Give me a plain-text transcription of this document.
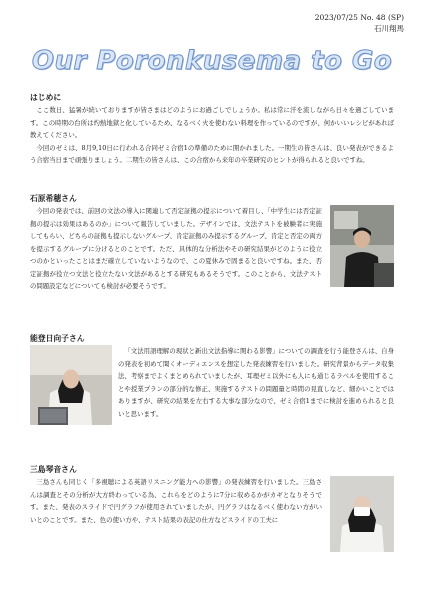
2023/07/25 No. 48 (SP)
石川翔馬
Our Poronkusema to Go
はじめに
ここ数日、猛暑が続いておりますが皆さまはどのようにお過ごしでしょうか。私は常に汗を流しながら日々を過ごしています。この時期の台所は灼熱地獄と化しているため、なるべく火を使わない料理を作っているのですが、何かいいレシピがあれば教えてください。
今回のゼミは、8月9,10日に行われる合同ゼミ合宿1の準備のために開かれました。一期生の皆さんは、良い発表ができるよう合宿当日まで頑張りましょう。二期生の皆さんは、この合宿から来年の卒業研究のヒントが得られると良いですね。
石原希穂さん
今回の発表では、前回の文法の導入に関連して否定証拠の提示について着目し、「中学生には否定証拠の提示は効果はあるのか」について報告していました。デザインでは、文法テストを被験者に実施してもらい、どちらの証拠も提示しないグループ、肯定証拠のみ提示するグループ、肯定と否定の両方を提示するグループに分けるとのことです。ただ、具体的な分析法やその研究結果がどのように役立つのかといったことはまだ確立していないようなので、この夏休みで固まると良いですね。また、否定証拠が役立つ文法と役立たない文法があるとする研究もあるそうです。このことから、文法テストの問題設定などについても検討が必要そうです。
能登日向子さん
「文法用語理解の現状と新出文法指導に関わる影響」についての調査を行う能登さんは、自身の発表を初めて聞くオーディエンスを想定した発表練習を行いました。研究背景からデータ収集法、考察までよくまとめられていましたが、耳理ゼミ以外にも人にも通じるラベルを使用することや授業プランの部分的な修正、実施するテストの問題量と時間の見直しなど、細かいことではありますが、研究の結果を左右する大事な部分なので、ゼミ合宿1までに検討を進められると良いと思います。
三島琴音さん
三島さんも同じく「多視聴による英語リスニング能力への影響」の発表練習を行いました。三島さんは調査とその分析が大方終わっている為、これらをどのように7分に収めるかがカギとなりそうです。また、発表のスライドで円グラフが使用されていましたが、円グラフはなるべく使わない方がいいとのことです。また、色の使い方や、テスト結果の表記の仕方などスライドの工夫に
